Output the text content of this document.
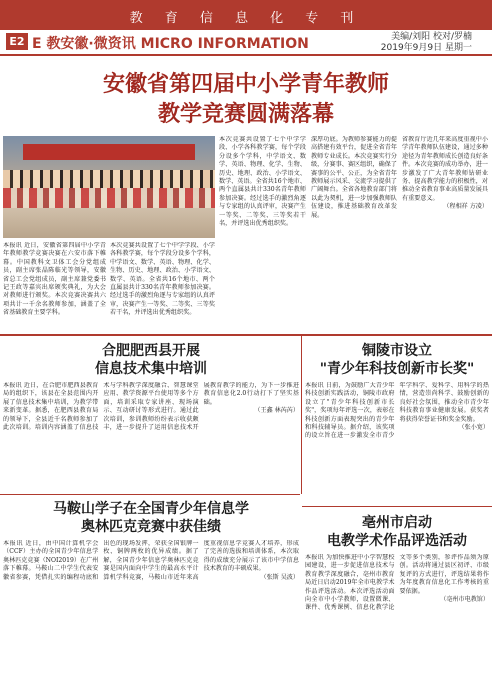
教 育 信 息 化 专 刊
E2 E 教安徽·微资讯 MICRO INFORMATION	美编/刘阳 校对/罗楠
2019年9月9日 星期一
安徽省第四届中小学青年教师
教学竞赛圆满落幕
本报讯 近日，安徽省第四届中小学青年教师教学竞赛决赛在六安市落下帷幕。中国教科文卫体工会分党组成员，副主席张晶陈临光等领导，安徽省总工会党组成员，副主席兼党委书记王政等嘉宾出席颁奖典礼，为大会对教师进行颁奖。本次竞赛决赛共六项共计一千余名教师参加，涵盖了全省基础教育主要学科。
本次竞赛共设置了七个中学学段、小学各科教学赛，每个学段分设多个学科，中学语文、数学、英语、物理、化学、生物、历史、地理、政治、小学语文、数学、英语。全省共16个地市、两个直属县共计330名青年教师参加决赛。经过选手的激烈角逐与专家组的认真评审，决赛产生一等奖、二等奖、三等奖若干名，并评选出优秀组织奖。
本次竞赛共设置了七个中学学段、小学各科教学赛，每个学段分设多个学科，中学语文、数学、英语、物理、化学、生物、历史、地理、政治、小学语文、数学、英语。全省共16个地市、两个直属县共计330名青年教师参加决赛。经过选手的激烈角逐与专家组的认真评审，决赛产生一等奖、二等奖、三等奖若干名，并评选出优秀组织奖。
深厚功底。为教师参赛能力的提高搭建有效平台，促进全省青年教师专业成长。本次竞赛实行分级，分赛事、赛区组织，确保了赛事的公平、公正，为全省青年教师展示风采、交流学习提供了广阔舞台。全省各地教育部门将以此为契机，进一步加强教师队伍建设，推进基础教育改革发展。
省教育厅近几年来高度重视中小学青年教师队伍建设，通过多种途径为青年教师成长创造良好条件。本次竞赛的成功举办，进一步激发了广大青年教师钻研业务、提高教学能力的积极性，对推动全省教育事业高质量发展具有重要意义。
（程相祥 方凌）
合肥肥西县开展
信息技术集中培训
本报讯 近日，在合肥市肥西县教育局的组织下，该县在全县范围内开展了信息技术集中培训，为教学带来新变革。据悉，在肥西县教育局的领导下，全县近千名教师参加了此次培训。培训内容涵盖了信息技术与学科教学深度融合、智慧课堂应用、教学资源平台使用等多个方面，培训采取专家讲座、现场演示、互动研讨等形式进行。通过此次培训，参训教师纷纷表示收获颇丰，进一步提升了运用信息技术开展教育教学的能力，为下一步推进教育信息化2.0行动打下了坚实基础。
（王鑫 林芮芮）
铜陵市设立
"青少年科技创新市长奖"
本报讯 日前，为鼓励广大青少年科技创新实践活动，铜陵市政府设立了"青少年科技创新市长奖"，奖项每年评选一次，表彰在科技创新方面表现突出的青少年和科技辅导员。据介绍，该奖项的设立旨在进一步激发全市青少年学科学、爱科学、用科学的热情，营造崇尚科学、鼓励创新的良好社会氛围，推动全市青少年科技教育事业健康发展。获奖者将获得荣誉证书和奖金奖励。
（张小宽）
马鞍山学子在全国青少年信息学
奥林匹克竞赛中获佳绩
本报讯 近日，由中国计算机学会（CCF）主办的全国青少年信息学奥林匹克竞赛（NOI2019）在广州落下帷幕。马鞍山二中学生代表安徽省参赛，凭借扎实的编程功底和出色的现场发挥，荣获全国银牌一枚、铜牌两枚的优异成绩。据了解，全国青少年信息学奥林匹克竞赛是国内面向中学生的最高水平计算机学科竞赛，马鞍山市近年来高度重视信息学竞赛人才培养，形成了完善的选拔和培训体系，本次取得的成绩充分展示了该市中学信息技术教育的丰硕成果。
（张斯 吴波）
亳州市启动
电教学术作品评选活动
本报讯 为加快推进中小学智慧校园建设，进一步促进信息技术与教育教学深度融合，亳州市教育局近日启动2019年全市电教学术作品评选活动。本次评选活动面向全市中小学教师，设置微课、课件、优秀课例、信息化教学论文等多个类别，参评作品须为原创。活动将通过县区初评、市级复评的方式进行，评选结果将作为年度教育信息化工作考核的重要依据。
（亳州市电教馆）
